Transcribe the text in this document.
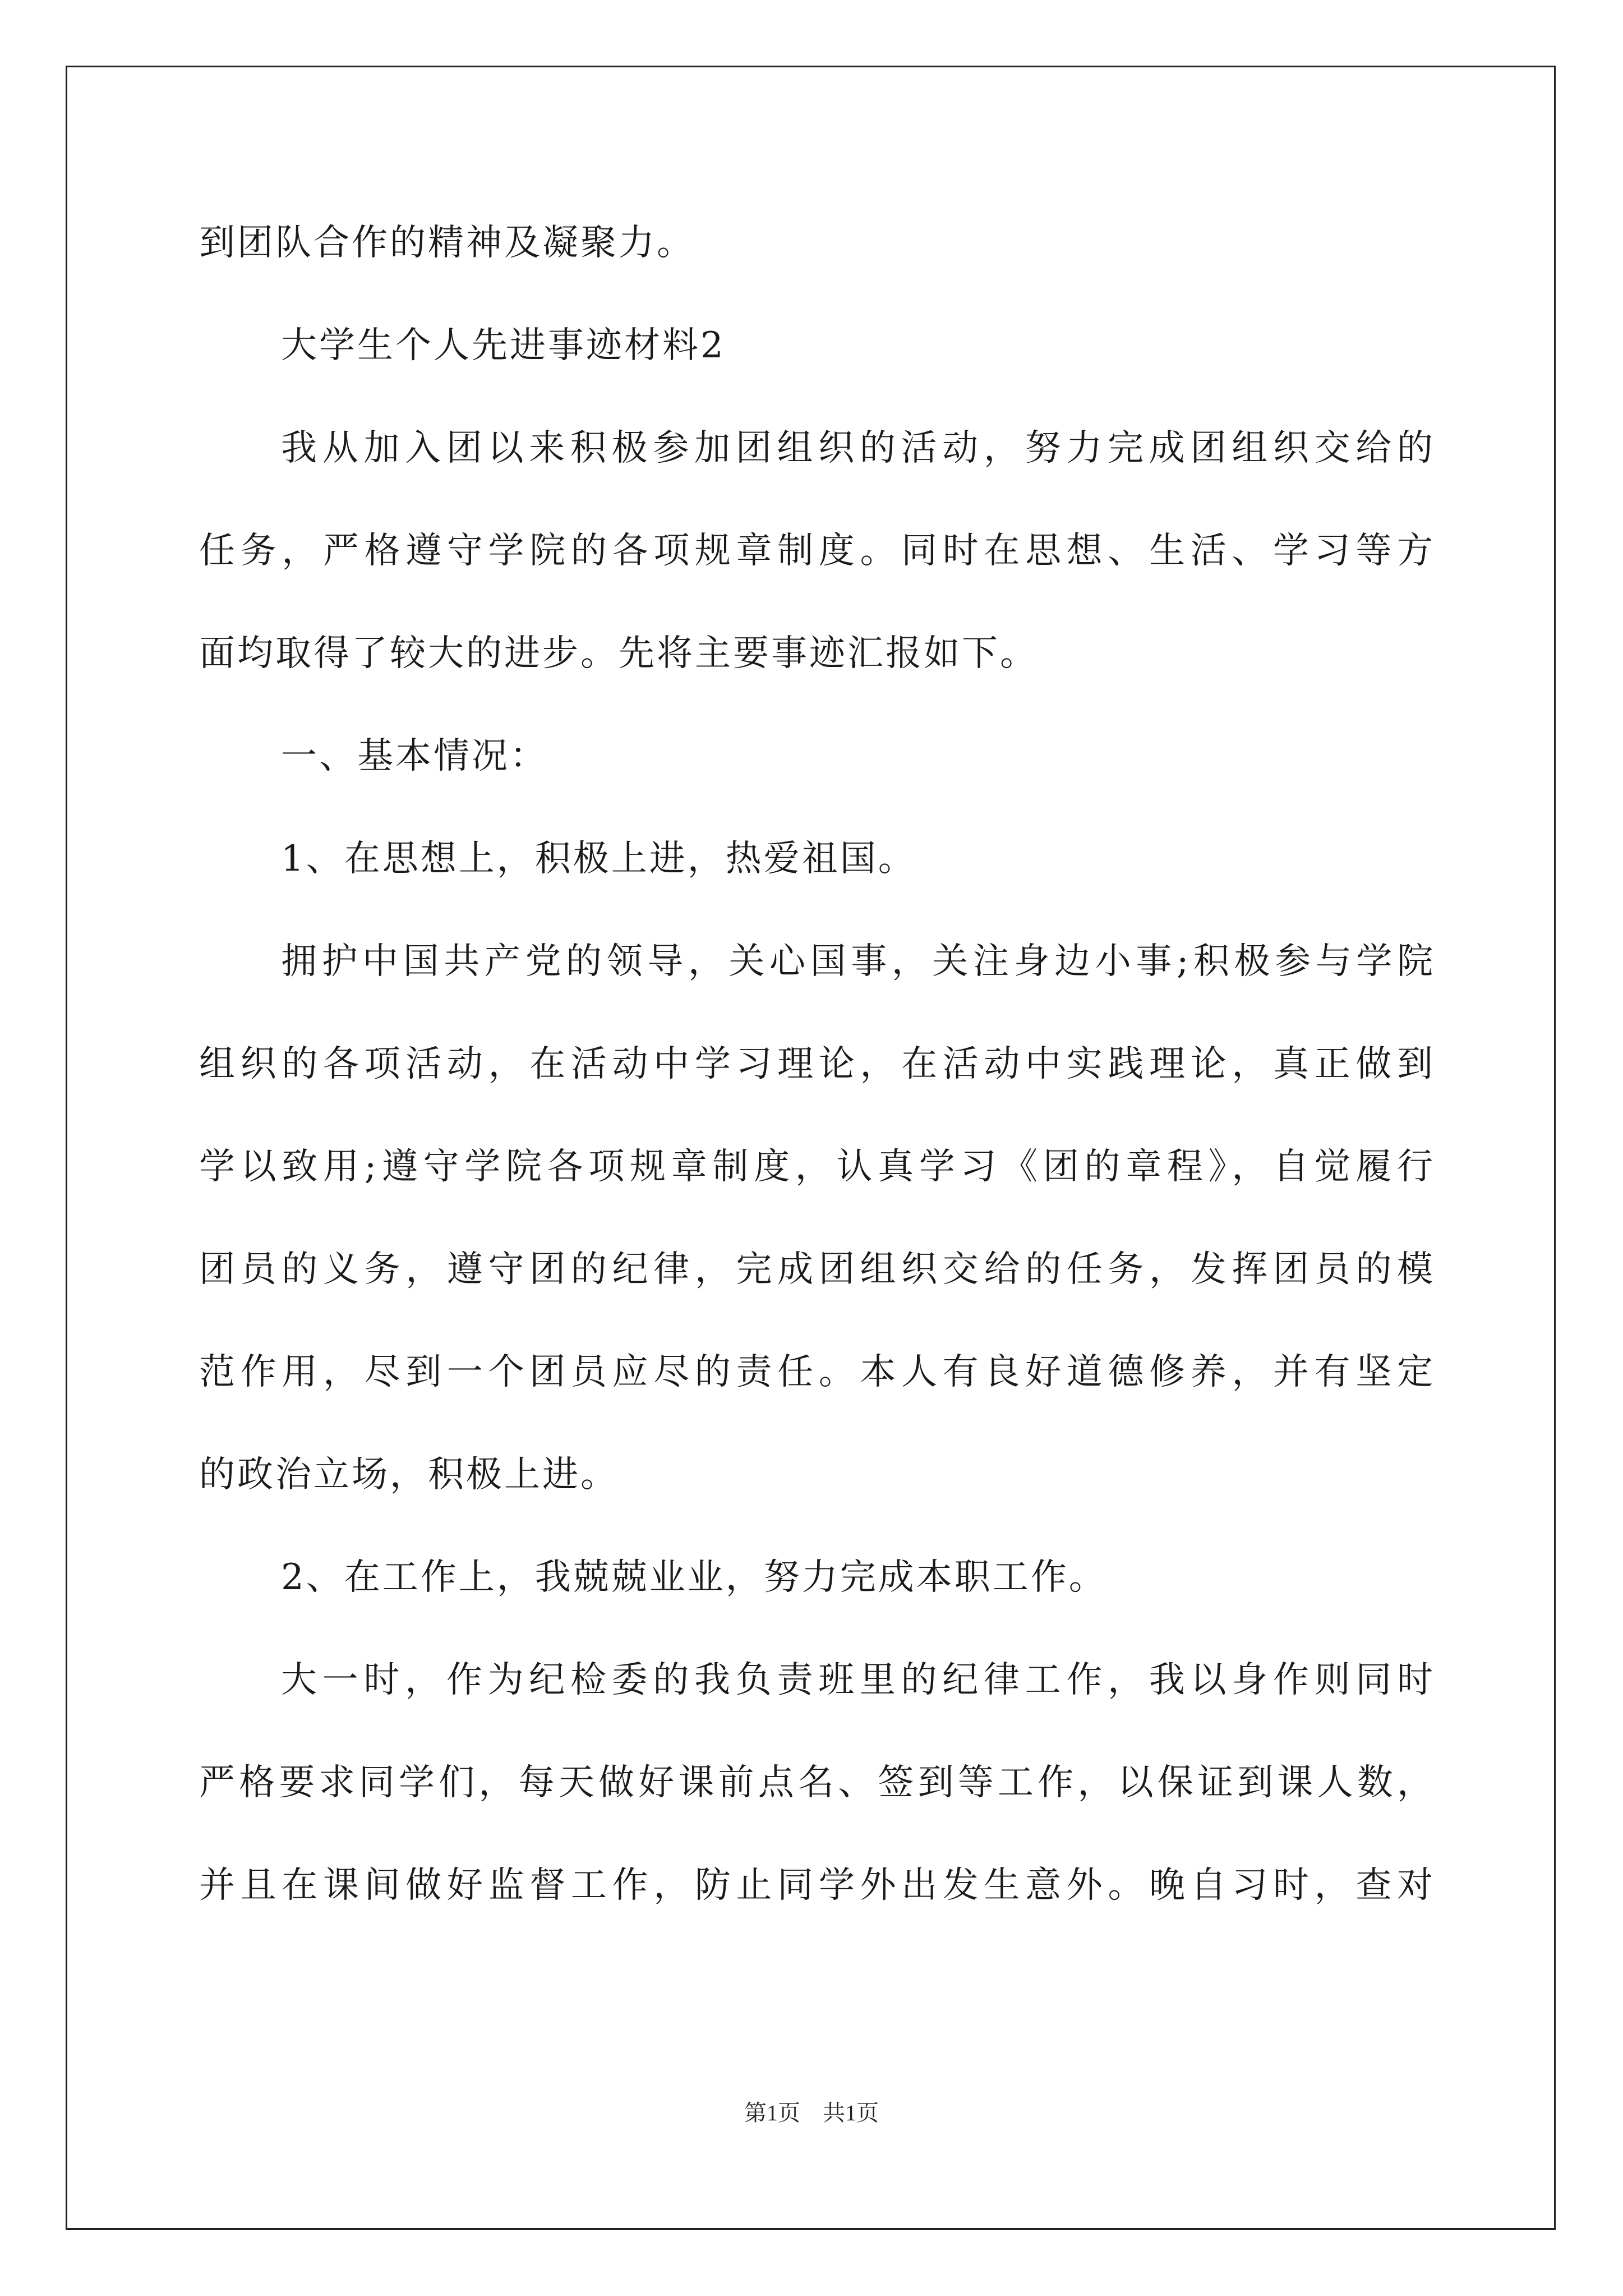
到团队合作的精神及凝聚力。
大学生个人先进事迹材料2
我从加入团以来积极参加团组织的活动，努力完成团组织交给的
任务，严格遵守学院的各项规章制度。同时在思想、生活、学习等方
面均取得了较大的进步。先将主要事迹汇报如下。
一、基本情况：
1、在思想上，积极上进，热爱祖国。
拥护中国共产党的领导，关心国事，关注身边小事;积极参与学院
组织的各项活动，在活动中学习理论，在活动中实践理论，真正做到
学以致用;遵守学院各项规章制度，认真学习《团的章程》，自觉履行
团员的义务，遵守团的纪律，完成团组织交给的任务，发挥团员的模
范作用，尽到一个团员应尽的责任。本人有良好道德修养，并有坚定
的政治立场，积极上进。
2、在工作上，我兢兢业业，努力完成本职工作。
大一时，作为纪检委的我负责班里的纪律工作，我以身作则同时
严格要求同学们，每天做好课前点名、签到等工作，以保证到课人数，
并且在课间做好监督工作，防止同学外出发生意外。晚自习时，查对
第1页　共1页
